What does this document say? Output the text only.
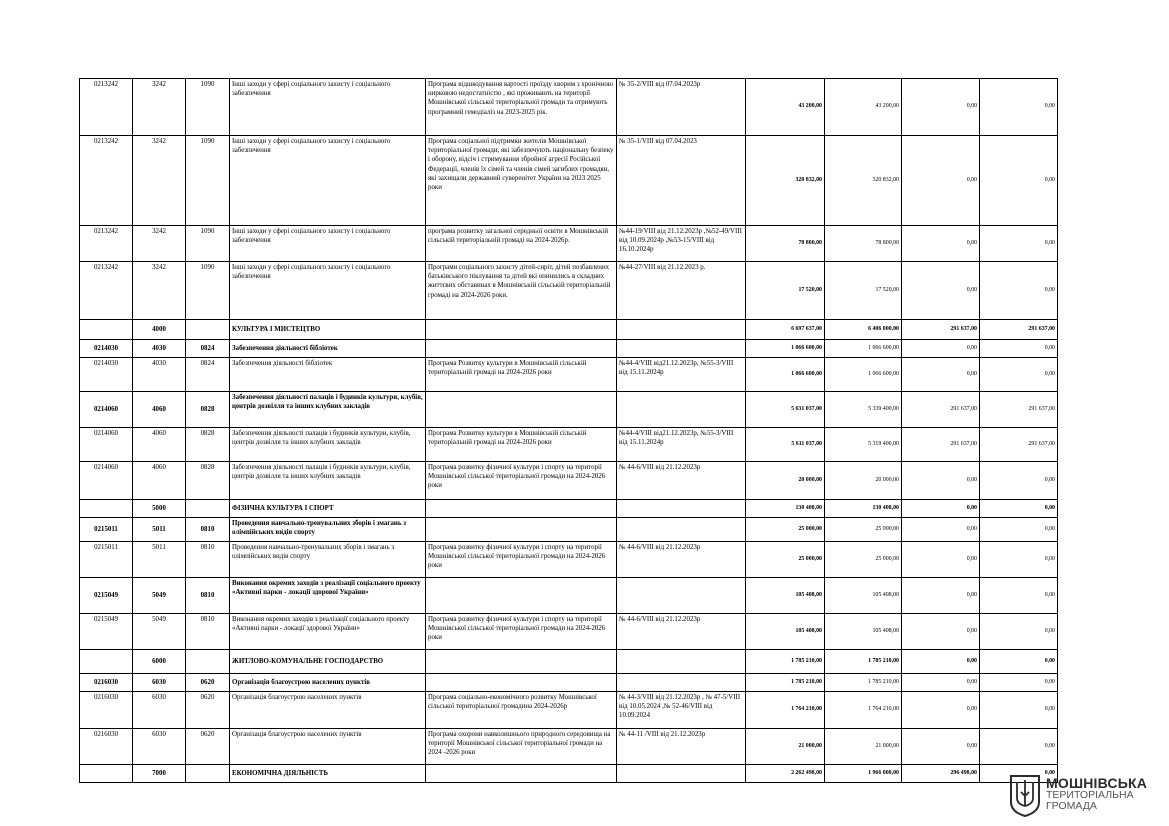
0213242	3242	1090	Інші заходи у сфері соціального захисту і соціального забезпечення	Програма відшкодування вартості проїзду хворим з хронічною нирковою недостатністю , які проживають на території Мошнівської сільської територіальної громади та отримують програмний гемодіаліз на 2023-2025 рік.	№ 35-2/VIII від 07.04.2023р	43 200,00	43 200,00	0,00	0,00
0213242	3242	1090	Інші заходи у сфері соціального захисту і соціального забезпечення	Програма соціальної підтримки жителів Мошнівської територіальної громади, які забезпечують національну безпеку і оборону, відсіч і стримування збройної агресії Російської Федерації, членів їх сімей та членів сімей загиблих громадян, які захищали державний суверенітет України на 2023 2025 роки	№ 35-1/VIII від 07.04.2023	320 832,00	320 832,00	0,00	0,00
0213242	3242	1090	Інші заходи у сфері соціального захисту і соціального забезпечення	програма розвитку загальної середньої освіти в Мошнівській сільській територіальній громаді на 2024-2026р.	№44-19/VIII від 21.12.2023р ,№52-49/VIII від 10.09.2024р ,№53-15/VIII від 16.10.2024р	78 800,00	78 800,00	0,00	0,00
0213242	3242	1090	Інші заходи у сфері соціального захисту і соціального забезпечення	Програми соціального захисту дітей-сиріт, дітей позбавлених батьківського піклування та дітей які опинились в складних життєвих обставинах в Мошнівській сільській територіальній громаді на 2024-2026 роки.	№44-27/VIII від 21.12.2023 р.	17 520,00	17 520,00	0,00	0,00
	4000		КУЛЬТУРА І МИСТЕЦТВО			6 697 637,00	6 406 000,00	291 637,00	291 637,00
0214030	4030	0824	Забезпечення діяльності бібліотек			1 066 600,00	1 066 600,00	0,00	0,00
0214030	4030	0824	Забезпечення діяльності бібліотек	Програма Розвитку культури в Мошнівській сільській територіальній громаді на 2024-2026 роки	№44-4/VIII від21.12.2023р, №55-3/VIII від 15.11.2024р	1 066 600,00	1 066 600,00	0,00	0,00
0214060	4060	0828	Забезпечення діяльності палаців і будинків культури, клубів, центрів дозвілля та інших клубних закладів			5 631 037,00	5 339 400,00	291 637,00	291 637,00
0214060	4060	0828	Забезпечення діяльності палаців і будинків культури, клубів, центрів дозвілля та інших клубних закладів	Програма Розвитку культури в Мошнівській сільській територіальній громаді на 2024-2026 роки	№44-4/VIII від21.12.2023р, №55-3/VIII від 15.11.2024р	5 611 037,00	5 319 400,00	291 637,00	291 637,00
0214060	4060	0828	Забезпечення діяльності палаців і будинків культури, клубів, центрів дозвілля та інших клубних закладів	Програма розвитку фізичної культури і спорту на території Мошнівської сільської територіальної громади на 2024-2026 роки	№ 44-6/VIII від 21.12.2023р	20 000,00	20 000,00	0,00	0,00
	5000		ФІЗИЧНА КУЛЬТУРА І СПОРТ			130 408,00	130 408,00	0,00	0,00
0215011	5011	0810	Проведення навчально-тренувальних зборів і змагань з олімпійських видів спорту			25 000,00	25 000,00	0,00	0,00
0215011	5011	0810	Проведення навчально-тренувальних зборів і змагань з олімпійських видів спорту	Програма розвитку фізичної культури і спорту на території Мошнівської сільської територіальної громади на 2024-2026 роки	№ 44-6/VIII від 21.12.2023р	25 000,00	25 000,00	0,00	0,00
0215049	5049	0810	Виконання окремих заходів з реалізації соціального проекту «Активні парки - локації здорової України»			105 408,00	105 408,00	0,00	0,00
0215049	5049	0810	Виконання окремих заходів з реалізації соціального проекту «Активні парки - локації здорової України»	Програма розвитку фізичної культури і спорту на території Мошнівської сільської територіальної громади на 2024-2026 роки	№ 44-6/VIII від 21.12.2023р	105 408,00	105 408,00	0,00	0,00
	6000		ЖИТЛОВО-КОМУНАЛЬНЕ ГОСПОДАРСТВО			1 785 210,00	1 785 210,00	0,00	0,00
0216030	6030	0620	Організація благоустрою населених пунктів			1 785 210,00	1 785 210,00	0,00	0,00
0216030	6030	0620	Організація благоустрою населених пунктів	Програма соціально-економічного розвитку Мошнівської сільської територіальної громадина 2024-2026р	№ 44-3/VIII від 21.12.2023р , № 47-5/VIII від 10.05.2024 ,№ 52-46/VIII від 10.09.2024	1 764 210,00	1 764 210,00	0,00	0,00
0216030	6030	0620	Організація благоустрою населених пунктів	Програма охорони навколишнього природного середовища на території Мошнівської сільської територіальної громади на 2024 -2026 роки	№ 44-11 /VIII від 21.12.2023р	21 000,00	21 000,00	0,00	0,00
	7000		ЕКОНОМІЧНА ДІЯЛЬНІСТЬ			2 262 498,00	1 966 000,00	296 498,00	0,00
МОШНІВСЬКА
ТЕРИТОРІАЛЬНА
ГРОМАДА
